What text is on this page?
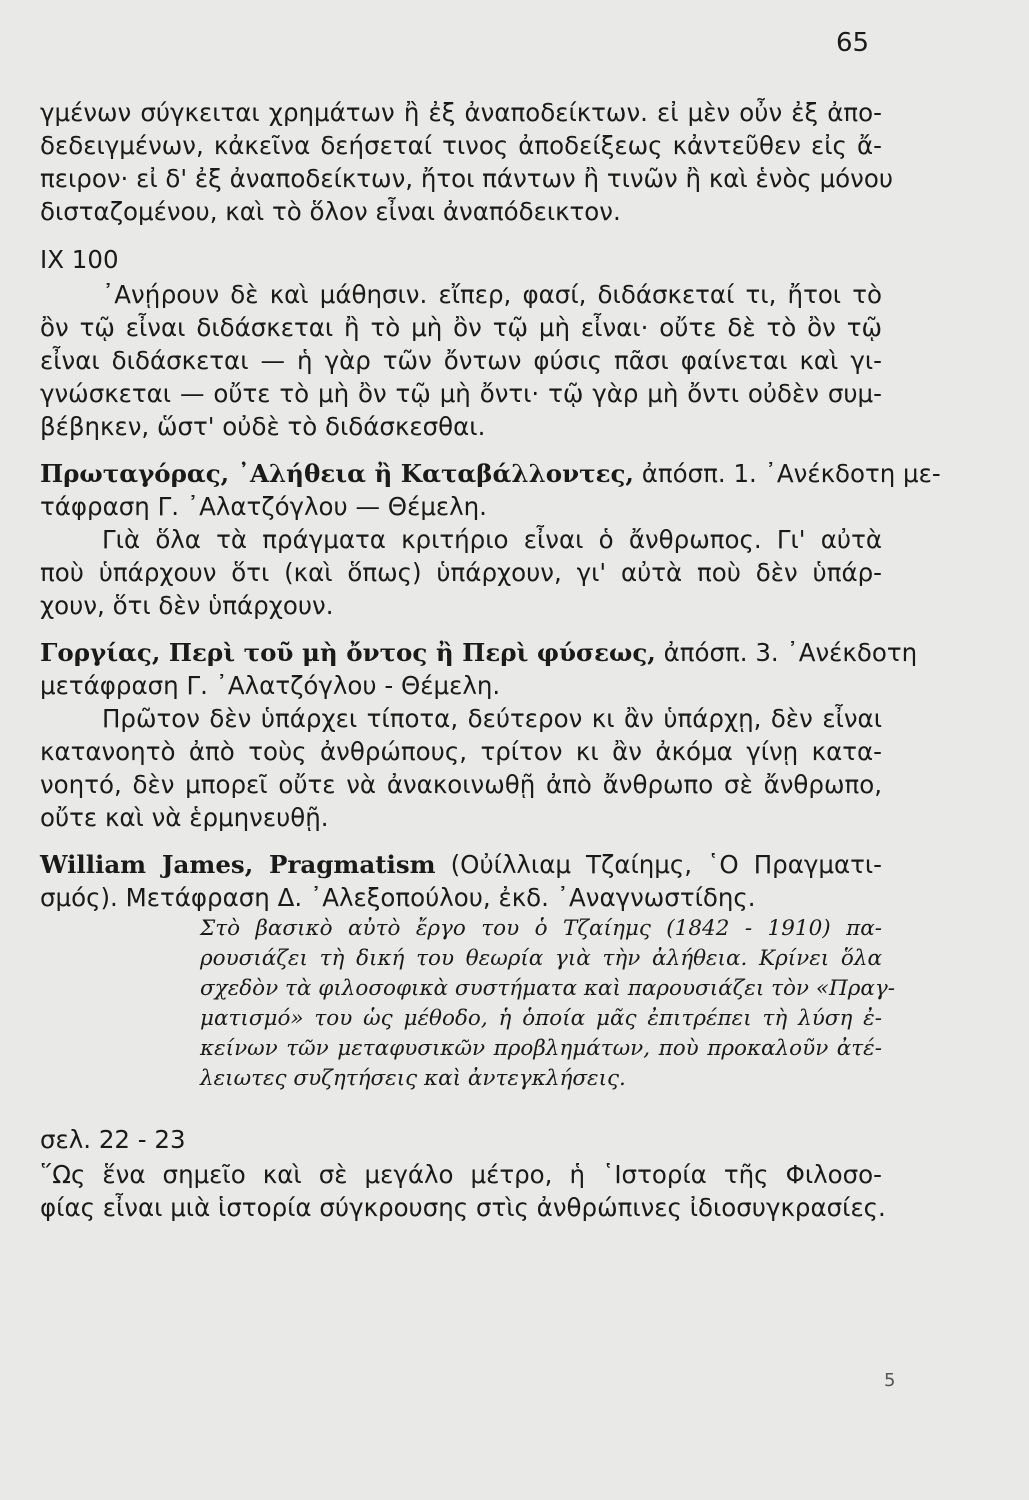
65
γμένων σύγκειται χρημάτων ἢ ἐξ ἀναποδείκτων. εἰ μὲν οὖν ἐξ ἀπο-
δεδειγμένων, κἀκεῖνα δεήσεταί τινος ἀποδείξεως κἀντεῦθεν εἰς ἄ-
πειρον· εἰ δ' ἐξ ἀναποδείκτων, ἤτοι πάντων ἢ τινῶν ἢ καὶ ἑνὸς μόνου
δισταζομένου, καὶ τὸ ὅλον εἶναι ἀναπόδεικτον.
IX 100
᾿Ανῄρουν δὲ καὶ μάθησιν. εἴπερ, φασί, διδάσκεταί τι, ἤτοι τὸ
ὂν τῷ εἶναι διδάσκεται ἢ τὸ μὴ ὂν τῷ μὴ εἶναι· οὔτε δὲ τὸ ὂν τῷ
εἶναι διδάσκεται — ἡ γὰρ τῶν ὄντων φύσις πᾶσι φαίνεται καὶ γι-
γνώσκεται — οὔτε τὸ μὴ ὂν τῷ μὴ ὄντι· τῷ γὰρ μὴ ὄντι οὐδὲν συμ-
βέβηκεν, ὥστ' οὐδὲ τὸ διδάσκεσθαι.
Πρωταγόρας, ᾿Αλήθεια ἢ Καταβάλλοντες, ἀπόσπ. 1. ᾿Ανέκδοτη με-
τάφραση Γ. ᾿Αλατζόγλου — Θέμελη.
Γιὰ ὅλα τὰ πράγματα κριτήριο εἶναι ὁ ἄνθρωπος. Γι' αὐτὰ
ποὺ ὑπάρχουν ὅτι (καὶ ὅπως) ὑπάρχουν, γι' αὐτὰ ποὺ δὲν ὑπάρ-
χουν, ὅτι δὲν ὑπάρχουν.
Γοργίας, Περὶ τοῦ μὴ ὄντος ἢ Περὶ φύσεως, ἀπόσπ. 3. ᾿Ανέκδοτη
μετάφραση Γ. ᾿Αλατζόγλου - Θέμελη.
Πρῶτον δὲν ὑπάρχει τίποτα, δεύτερον κι ἂν ὑπάρχῃ, δὲν εἶναι
κατανοητὸ ἀπὸ τοὺς ἀνθρώπους, τρίτον κι ἂν ἀκόμα γίνῃ κατα-
νοητό, δὲν μπορεῖ οὔτε νὰ ἀνακοινωθῇ ἀπὸ ἄνθρωπο σὲ ἄνθρωπο,
οὔτε καὶ νὰ ἑρμηνευθῇ.
William James, Pragmatism (Οὐίλλιαμ Τζαίημς, ῾Ο Πραγματι-
σμός). Μετάφραση Δ. ᾿Αλεξοπούλου, ἐκδ. ᾿Αναγνωστίδης.
Στὸ βασικὸ αὐτὸ ἔργο του ὁ Τζαίημς (1842 - 1910) πα-
ρουσιάζει τὴ δική του θεωρία γιὰ τὴν ἀλήθεια. Κρίνει ὅλα
σχεδὸν τὰ φιλοσοφικὰ συστήματα καὶ παρουσιάζει τὸν «Πραγ-
ματισμό» του ὡς μέθοδο, ἡ ὁποία μᾶς ἐπιτρέπει τὴ λύση ἐ-
κείνων τῶν μεταφυσικῶν προβλημάτων, ποὺ προκαλοῦν ἀτέ-
λειωτες συζητήσεις καὶ ἀντεγκλήσεις.
σελ. 22 - 23
῞Ως ἕνα σημεῖο καὶ σὲ μεγάλο μέτρο, ἡ ῾Ιστορία τῆς Φιλοσο-
φίας εἶναι μιὰ ἱστορία σύγκρουσης στὶς ἀνθρώπινες ἰδιοσυγκρασίες.
5
